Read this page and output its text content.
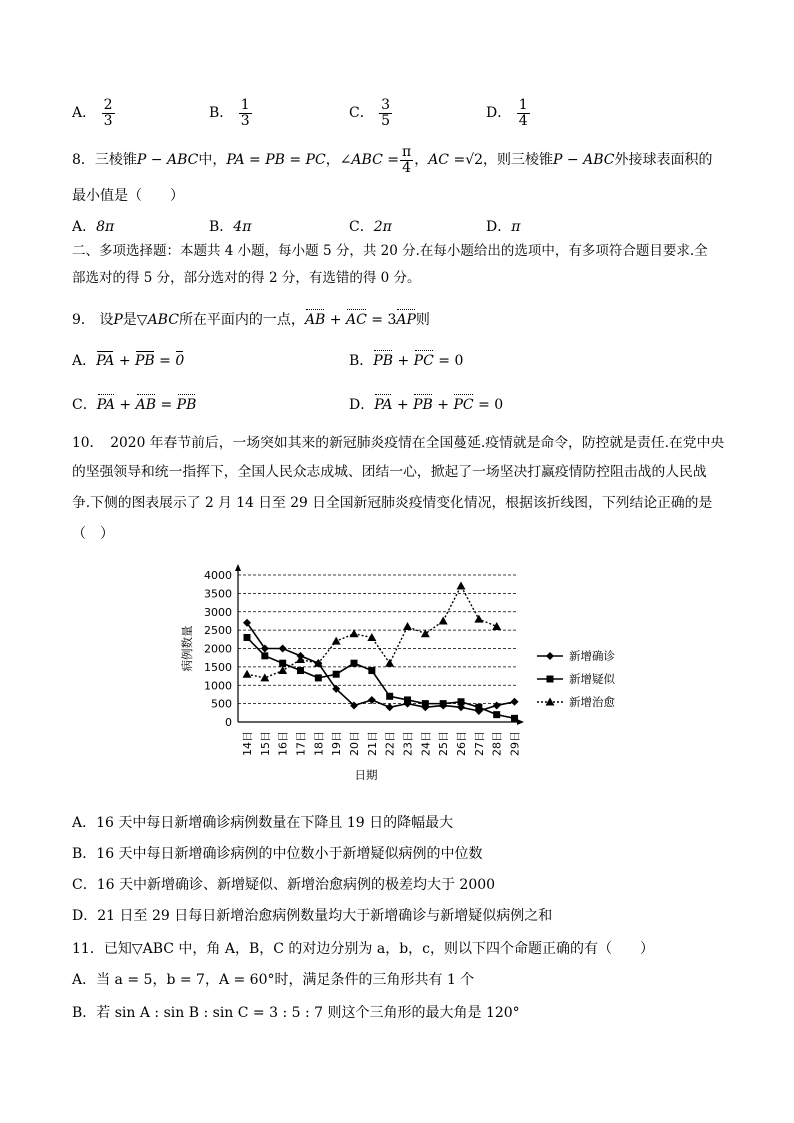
A． $\frac{2}{3}$	B． $\frac{1}{3}$	C． $\frac{3}{5}$	D． $\frac{1}{4}$
8．三棱锥P − ABC中，PA = PB = PC，∠ABC = $\frac{\pi}{4}$ ，AC =√2，则三棱锥P − ABC外接球表面积的
最小值是（　　）
A．8π	B．4π	C．2π	D．π
二、多项选择题：本题共 4 小题，每小题 5 分，共 20 分.在每小题给出的选项中，有多项符合题目要求.全
部选对的得 5 分，部分选对的得 2 分，有选错的得 0 分。
9． 设P是▽ABC所在平面内的一点，AB + AC = 3AP则
A．PA + PB = 0	B．PB + PC = 0
C．PA + AB = PB	D．PA + PB + PC = 0
10．　2020 年春节前后，一场突如其来的新冠肺炎疫情在全国蔓延.疫情就是命令，防控就是责任.在党中央
的坚强领导和统一指挥下，全国人民众志成城、团结一心，掀起了一场坚决打赢疫情防控阻击战的人民战
争.下侧的图表展示了 2 月 14 日至 29 日全国新冠肺炎疫情变化情况，根据该折线图，下列结论正确的是
（　）
0
500
1000
1500
2000
2500
3000
3500
4000
14日 15日 16日 17日 18日 19日 20日 21日 22日 23日 24日 25日 26日 27日 28日 29日
病例数量
日期
新增确诊
新增疑似
新增治愈
A．16 天中每日新增确诊病例数量在下降且 19 日的降幅最大
B．16 天中每日新增确诊病例的中位数小于新增疑似病例的中位数
C．16 天中新增确诊、新增疑似、新增治愈病例的极差均大于 2000
D．21 日至 29 日每日新增治愈病例数量均大于新增确诊与新增疑似病例之和
11．已知▽ABC 中，角 A，B，C 的对边分别为 a，b，c，则以下四个命题正确的有（　　）
A．当 a = 5，b = 7，A = 60°时，满足条件的三角形共有 1 个
B．若 sin A : sin B : sin C = 3 : 5 : 7 则这个三角形的最大角是 120°
